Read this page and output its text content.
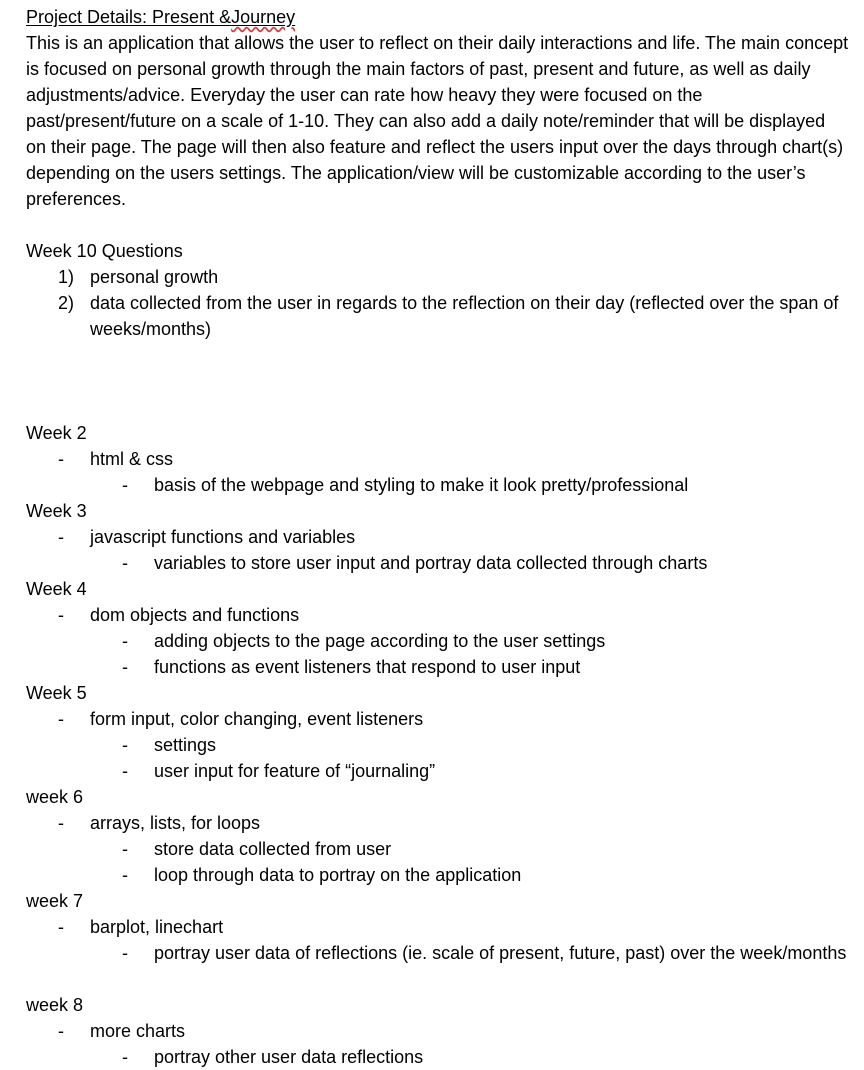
Project Details: Present &Journey

This is an application that allows the user to reflect on their daily interactions and life. The main concept is focused on personal growth through the main factors of past, present and future, as well as daily adjustments/advice. Everyday the user can rate how heavy they were focused on the past/present/future on a scale of 1-10. They can also add a daily note/reminder that will be displayed on their page. The page will then also feature and reflect the users input over the days through chart(s) depending on the users settings. The application/view will be customizable according to the user’s preferences.

Week 10 Questions
1) personal growth
2) data collected from the user in regards to the reflection on their day (reflected over the span of weeks/months)
Week 2
- html & css
- basis of the webpage and styling to make it look pretty/professional
Week 3
- javascript functions and variables
- variables to store user input and portray data collected through charts
Week 4
- dom objects and functions
- adding objects to the page according to the user settings
- functions as event listeners that respond to user input
Week 5
- form input, color changing, event listeners
- settings
- user input for feature of “journaling”
week 6
- arrays, lists, for loops
- store data collected from user
- loop through data to portray on the application
week 7
- barplot, linechart
- portray user data of reflections (ie. scale of present, future, past) over the week/months
week 8
- more charts
- portray other user data reflections
